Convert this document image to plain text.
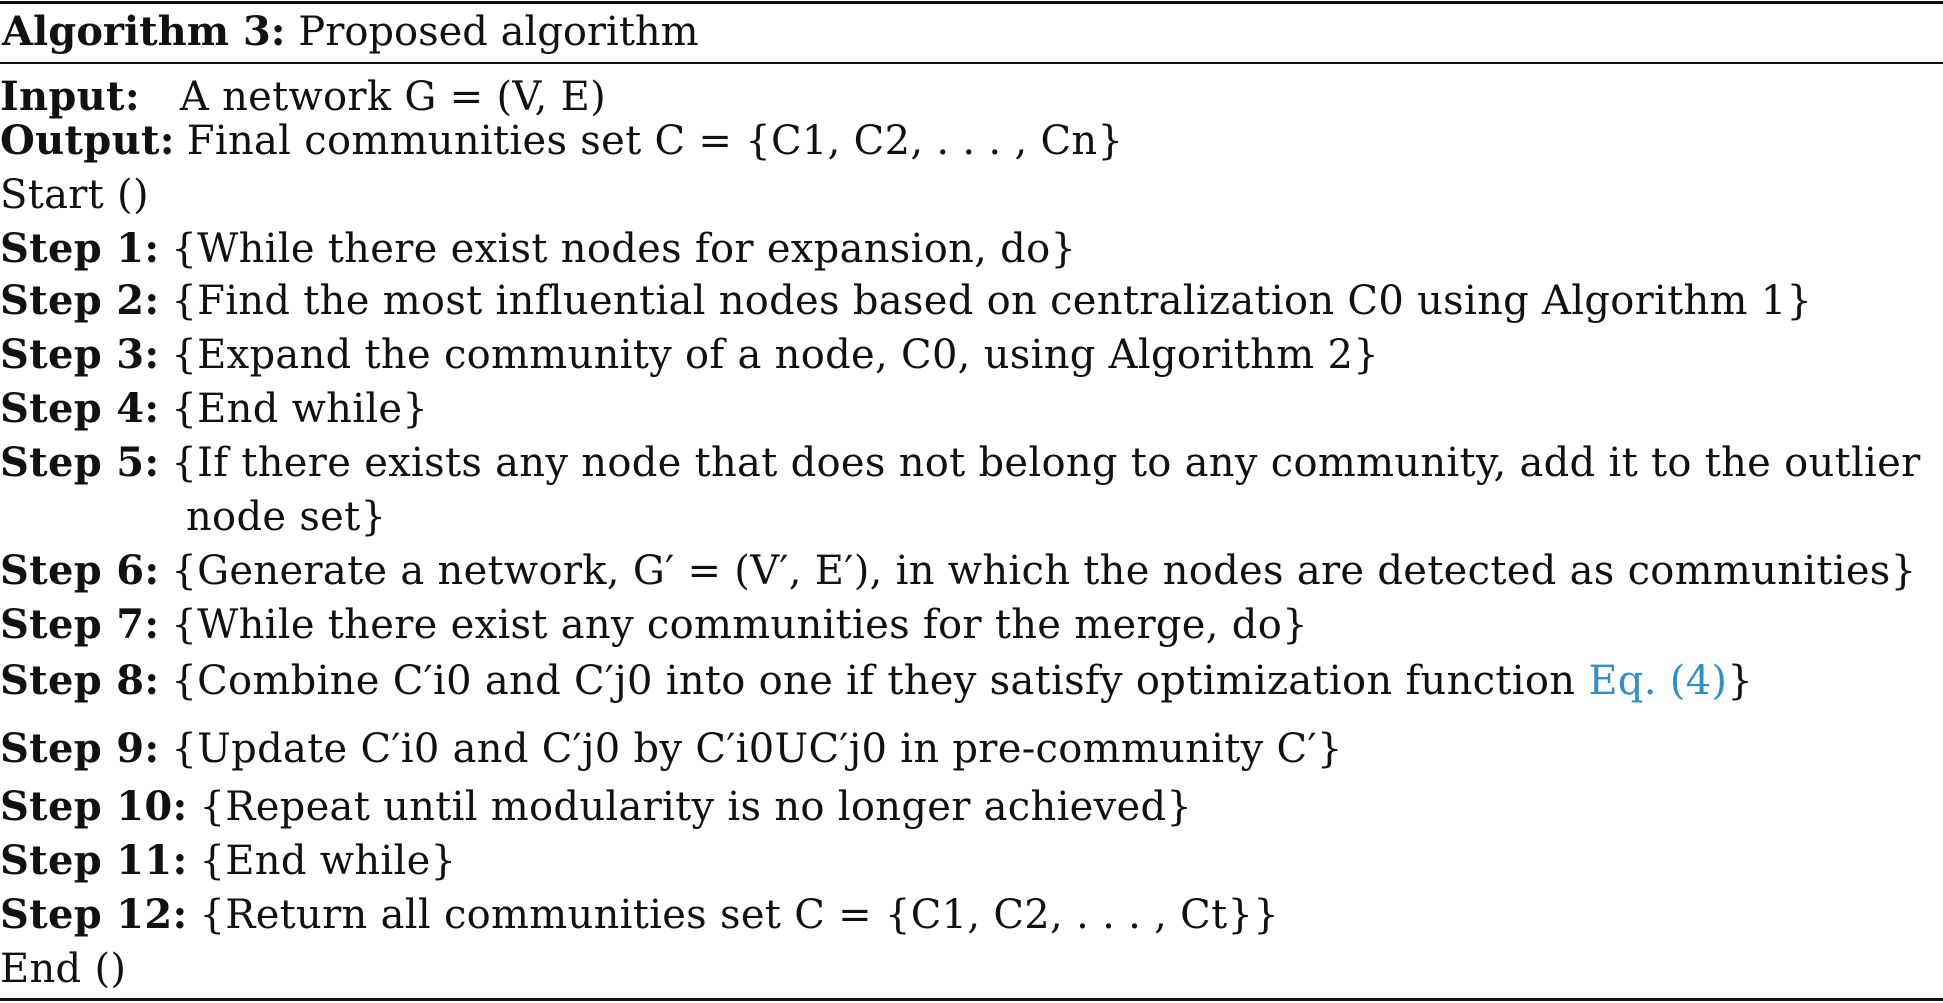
Algorithm 3: Proposed algorithm
Input: A network G = (V, E)
Output: Final communities set C = {C1, C2, . . . , Cn}
Start ()
Step 1: {While there exist nodes for expansion, do}
Step 2: {Find the most influential nodes based on centralization C0 using Algorithm 1}
Step 3: {Expand the community of a node, C0, using Algorithm 2}
Step 4: {End while}
Step 5: {If there exists any node that does not belong to any community, add it to the outlier
node set}
Step 6: {Generate a network, G′ = (V′, E′), in which the nodes are detected as communities}
Step 7: {While there exist any communities for the merge, do}
Step 8: {Combine C′i0 and C′j0 into one if they satisfy optimization function Eq. (4)}
Step 9: {Update C′i0 and C′j0 by C′i0UC′j0 in pre-community C′}
Step 10: {Repeat until modularity is no longer achieved}
Step 11: {End while}
Step 12: {Return all communities set C = {C1, C2, . . . , Ct}}
End ()
